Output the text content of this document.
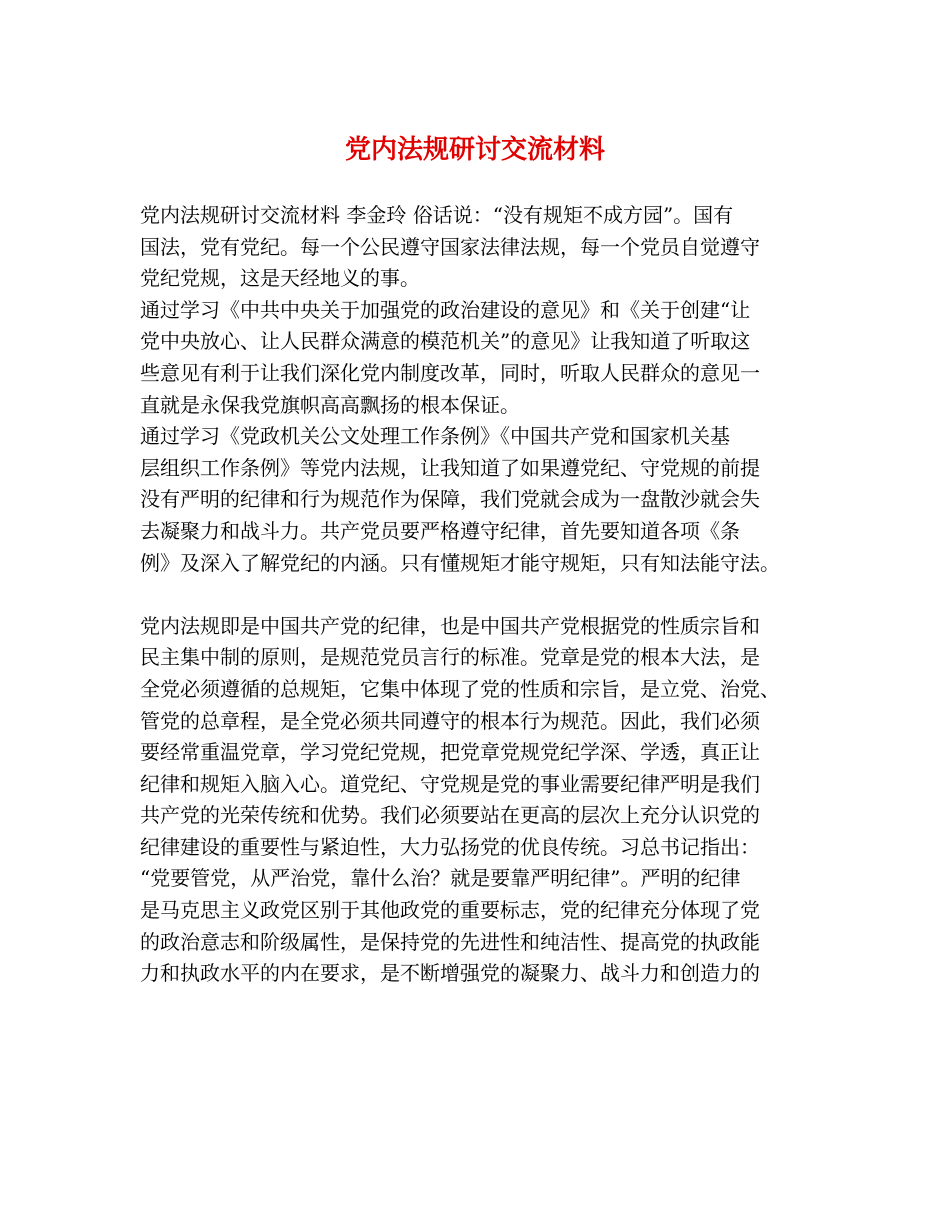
党内法规研讨交流材料
党内法规研讨交流材料 李金玲 俗话说：“没有规矩不成方园”。国有
国法，党有党纪。每一个公民遵守国家法律法规，每一个党员自觉遵守
党纪党规，这是天经地义的事。
通过学习《中共中央关于加强党的政治建设的意见》和《关于创建“让
党中央放心、让人民群众满意的模范机关”的意见》让我知道了听取这
些意见有利于让我们深化党内制度改革，同时，听取人民群众的意见一
直就是永保我党旗帜高高飘扬的根本保证。
通过学习《党政机关公文处理工作条例》《中国共产党和国家机关基
层组织工作条例》等党内法规，让我知道了如果遵党纪、守党规的前提
没有严明的纪律和行为规范作为保障，我们党就会成为一盘散沙就会失
去凝聚力和战斗力。共产党员要严格遵守纪律，首先要知道各项《条
例》及深入了解党纪的内涵。只有懂规矩才能守规矩，只有知法能守法。
党内法规即是中国共产党的纪律，也是中国共产党根据党的性质宗旨和
民主集中制的原则，是规范党员言行的标准。党章是党的根本大法，是
全党必须遵循的总规矩，它集中体现了党的性质和宗旨，是立党、治党、
管党的总章程，是全党必须共同遵守的根本行为规范。因此，我们必须
要经常重温党章，学习党纪党规，把党章党规党纪学深、学透，真正让
纪律和规矩入脑入心。道党纪、守党规是党的事业需要纪律严明是我们
共产党的光荣传统和优势。我们必须要站在更高的层次上充分认识党的
纪律建设的重要性与紧迫性，大力弘扬党的优良传统。习总书记指出：
“党要管党，从严治党，靠什么治？就是要靠严明纪律”。严明的纪律
是马克思主义政党区别于其他政党的重要标志，党的纪律充分体现了党
的政治意志和阶级属性，是保持党的先进性和纯洁性、提高党的执政能
力和执政水平的内在要求，是不断增强党的凝聚力、战斗力和创造力的
